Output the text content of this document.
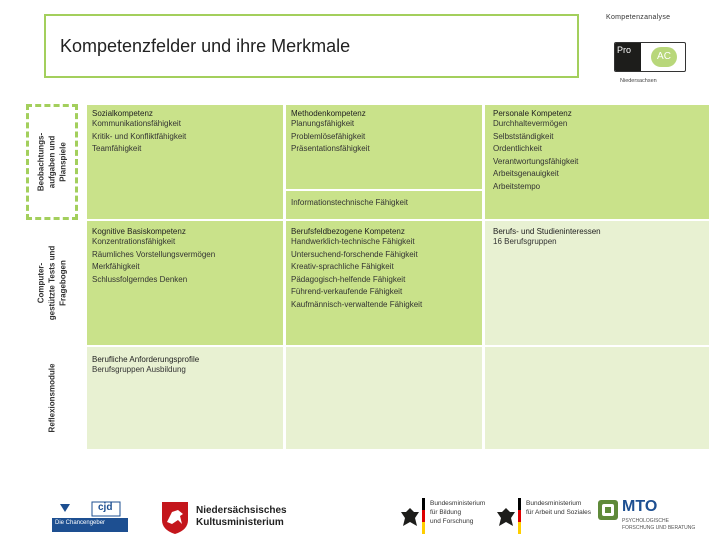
Kompetenzfelder und ihre Merkmale
Kompetenzanalyse
Pro
AC
Niedersachsen
Beobachtungs-
aufgaben und
Planspiele
Computer-
gestützte Tests und
Fragebogen
Reflexionsmodule
Sozialkompetenz
Kommunikationsfähigkeit
Kritik- und Konfliktfähigkeit
Teamfähigkeit
Methodenkompetenz
Planungsfähigkeit
Problemlösefähigkeit
Präsentationsfähigkeit
Informationstechnische Fähigkeit
Personale Kompetenz
Durchhaltevermögen
Selbstständigkeit
Ordentlichkeit
Verantwortungsfähigkeit
Arbeitsgenauigkeit
Arbeitstempo
Kognitive Basiskompetenz
Konzentrationsfähigkeit
Räumliches Vorstellungsvermögen
Merkfähigkeit
Schlussfolgerndes Denken
Berufsfeldbezogene Kompetenz
Handwerklich-technische Fähigkeit
Untersuchend-forschende Fähigkeit
Kreativ-sprachliche Fähigkeit
Pädagogisch-helfende Fähigkeit
Führend-verkaufende Fähigkeit
Kaufmännisch-verwaltende Fähigkeit
Berufs- und Studieninteressen
16 Berufsgruppen
Berufliche Anforderungsprofile
Berufsgruppen Ausbildung
cjd
Die Chancengeber
Niedersächsisches
Kultusministerium
Bundesministerium
für Bildung
und Forschung
Bundesministerium
für Arbeit und Soziales MTO
PSYCHOLOGISCHE
FORSCHUNG UND BERATUNG
